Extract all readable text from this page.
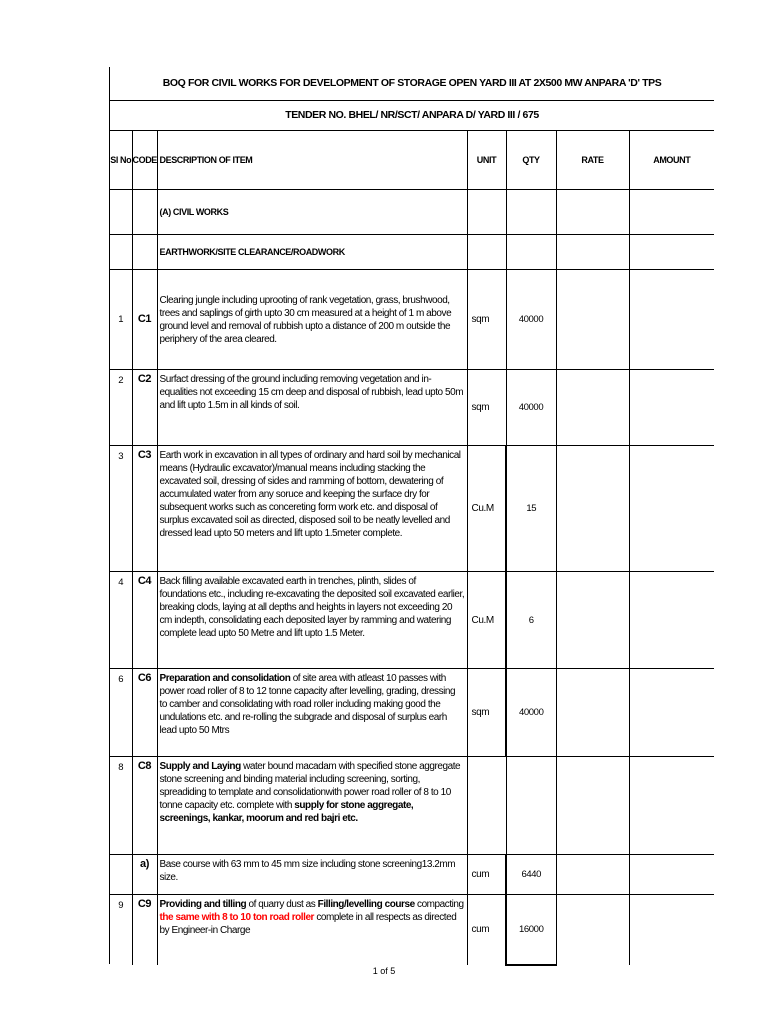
BOQ FOR CIVIL WORKS FOR DEVELOPMENT OF STORAGE OPEN YARD III AT 2X500 MW ANPARA 'D' TPS						
TENDER NO. BHEL/ NR/SCT/ ANPARA D/ YARD III / 675						
Sl No	CODE	DESCRIPTION OF ITEM	UNIT	QTY	RATE	AMOUNT
		(A) CIVIL WORKS				
		EARTHWORK/SITE CLEARANCE/ROADWORK				
1	C1	Clearing jungle including uprooting of rank vegetation, grass, brushwood, trees and saplings of girth upto 30 cm measured at a height of 1 m above ground level and removal of rubbish upto a distance of 200 m outside the periphery of the area cleared.	sqm	40000		
2	C2	Surfact dressing of the ground including removing vegetation and in-equalities not exceeding 15 cm deep and disposal of rubbish, lead upto 50m and lift upto 1.5m in all kinds of soil.	sqm	40000		
3	C3	Earth work in excavation in all types of ordinary and hard soil by mechanical means (Hydraulic excavator)/manual means including stacking the excavated soil, dressing of sides and ramming of bottom, dewatering of accumulated water from any soruce and keeping the surface dry for subsequent works such as concereting form work etc. and disposal of surplus excavated soil as directed, disposed soil to be neatly levelled and dressed lead upto 50 meters and lift upto 1.5meter complete.	Cu.M	15		
4	C4	Back filling available excavated earth in trenches, plinth, slides of foundations etc., including re-excavating the deposited soil excavated earlier, breaking clods, laying at all depths and heights in layers not exceeding 20 cm indepth, consolidating each deposited layer by ramming and watering complete lead upto 50 Metre and lift upto 1.5 Meter.	Cu.M	6		
6	C6	Preparation and consolidation of site area with atleast 10 passes with power road roller of 8 to 12 tonne capacity after levelling, grading, dressing to camber and consolidating with road roller including making good the undulations etc. and re-rolling the subgrade and disposal of surplus earh lead upto 50 Mtrs	sqm	40000		
8	C8	Supply and Laying water bound macadam with specified stone aggregate stone screening and binding material including screening, sorting, spreadiding to template and consolidationwith power road roller of 8 to 10 tonne capacity etc. complete with supply for stone aggregate, screenings, kankar, moorum and red bajri etc.				
	a)	Base course with 63 mm to 45 mm size including stone screening13.2mm size.	cum	6440		
9	C9	Providing and tilling of quarry dust as Filling/levelling course compacting the same with 8 to 10 ton road roller complete in all respects as directed by Engineer-in Charge	cum	16000		
1 of 5
